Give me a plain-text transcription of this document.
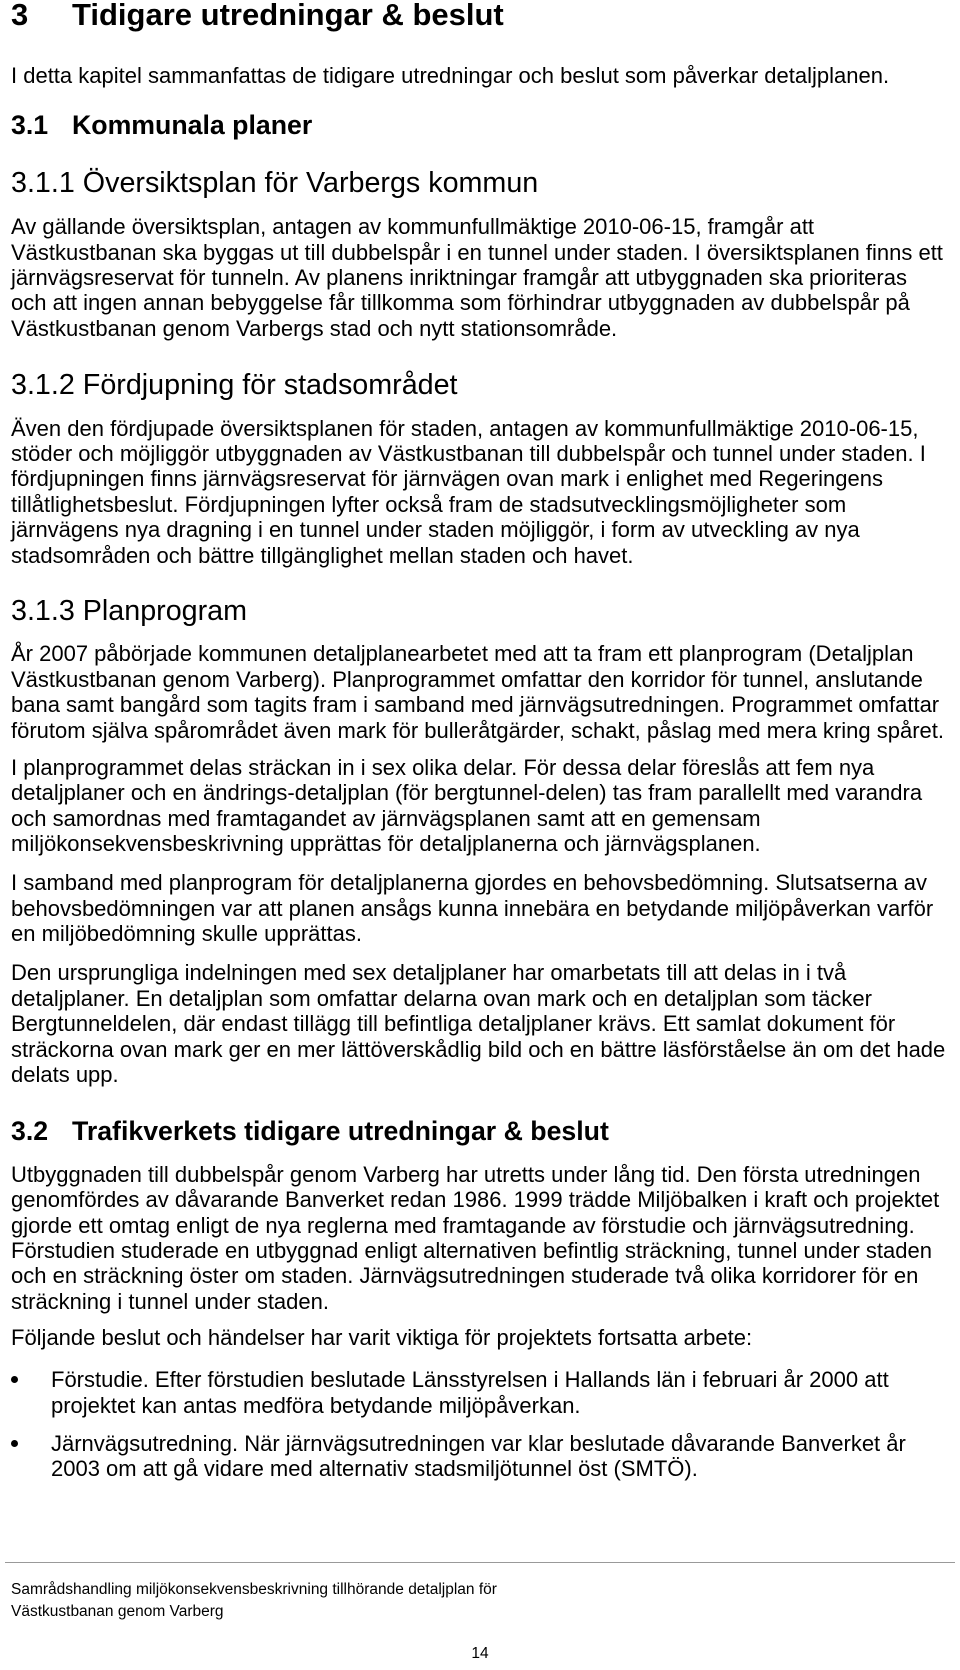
3 Tidigare utredningar & beslut
I detta kapitel sammanfattas de tidigare utredningar och beslut som påverkar detaljplanen.
3.1 Kommunala planer
3.1.1 Översiktsplan för Varbergs kommun
Av gällande översiktsplan, antagen av kommunfullmäktige 2010-06-15, framgår att
Västkustbanan ska byggas ut till dubbelspår i en tunnel under staden. I översiktsplanen finns ett
järnvägsreservat för tunneln. Av planens inriktningar framgår att utbyggnaden ska prioriteras
och att ingen annan bebyggelse får tillkomma som förhindrar utbyggnaden av dubbelspår på
Västkustbanan genom Varbergs stad och nytt stationsområde.
3.1.2 Fördjupning för stadsområdet
Även den fördjupade översiktsplanen för staden, antagen av kommunfullmäktige 2010-06-15,
stöder och möjliggör utbyggnaden av Västkustbanan till dubbelspår och tunnel under staden. I
fördjupningen finns järnvägsreservat för järnvägen ovan mark i enlighet med Regeringens
tillåtlighetsbeslut. Fördjupningen lyfter också fram de stadsutvecklingsmöjligheter som
järnvägens nya dragning i en tunnel under staden möjliggör, i form av utveckling av nya
stadsområden och bättre tillgänglighet mellan staden och havet.
3.1.3 Planprogram
År 2007 påbörjade kommunen detaljplanearbetet med att ta fram ett planprogram (Detaljplan
Västkustbanan genom Varberg). Planprogrammet omfattar den korridor för tunnel, anslutande
bana samt bangård som tagits fram i samband med järnvägsutredningen. Programmet omfattar
förutom själva spårområdet även mark för bulleråtgärder, schakt, påslag med mera kring spåret.
I planprogrammet delas sträckan in i sex olika delar. För dessa delar föreslås att fem nya
detaljplaner och en ändrings-detaljplan (för bergtunnel-delen) tas fram parallellt med varandra
och samordnas med framtagandet av järnvägsplanen samt att en gemensam
miljökonsekvensbeskrivning upprättas för detaljplanerna och järnvägsplanen.
I samband med planprogram för detaljplanerna gjordes en behovsbedömning. Slutsatserna av
behovsbedömningen var att planen ansågs kunna innebära en betydande miljöpåverkan varför
en miljöbedömning skulle upprättas.
Den ursprungliga indelningen med sex detaljplaner har omarbetats till att delas in i två
detaljplaner. En detaljplan som omfattar delarna ovan mark och en detaljplan som täcker
Bergtunneldelen, där endast tillägg till befintliga detaljplaner krävs. Ett samlat dokument för
sträckorna ovan mark ger en mer lättöverskådlig bild och en bättre läsförståelse än om det hade
delats upp.
3.2 Trafikverkets tidigare utredningar & beslut
Utbyggnaden till dubbelspår genom Varberg har utretts under lång tid. Den första utredningen
genomfördes av dåvarande Banverket redan 1986. 1999 trädde Miljöbalken i kraft och projektet
gjorde ett omtag enligt de nya reglerna med framtagande av förstudie och järnvägsutredning.
Förstudien studerade en utbyggnad enligt alternativen befintlig sträckning, tunnel under staden
och en sträckning öster om staden. Järnvägsutredningen studerade två olika korridorer för en
sträckning i tunnel under staden.
Följande beslut och händelser har varit viktiga för projektets fortsatta arbete:
Förstudie. Efter förstudien beslutade Länsstyrelsen i Hallands län i februari år 2000 att
projektet kan antas medföra betydande miljöpåverkan.
Järnvägsutredning. När järnvägsutredningen var klar beslutade dåvarande Banverket år
2003 om att gå vidare med alternativ stadsmiljötunnel öst (SMTÖ).
Samrådshandling miljökonsekvensbeskrivning tillhörande detaljplan för
Västkustbanan genom Varberg
14
